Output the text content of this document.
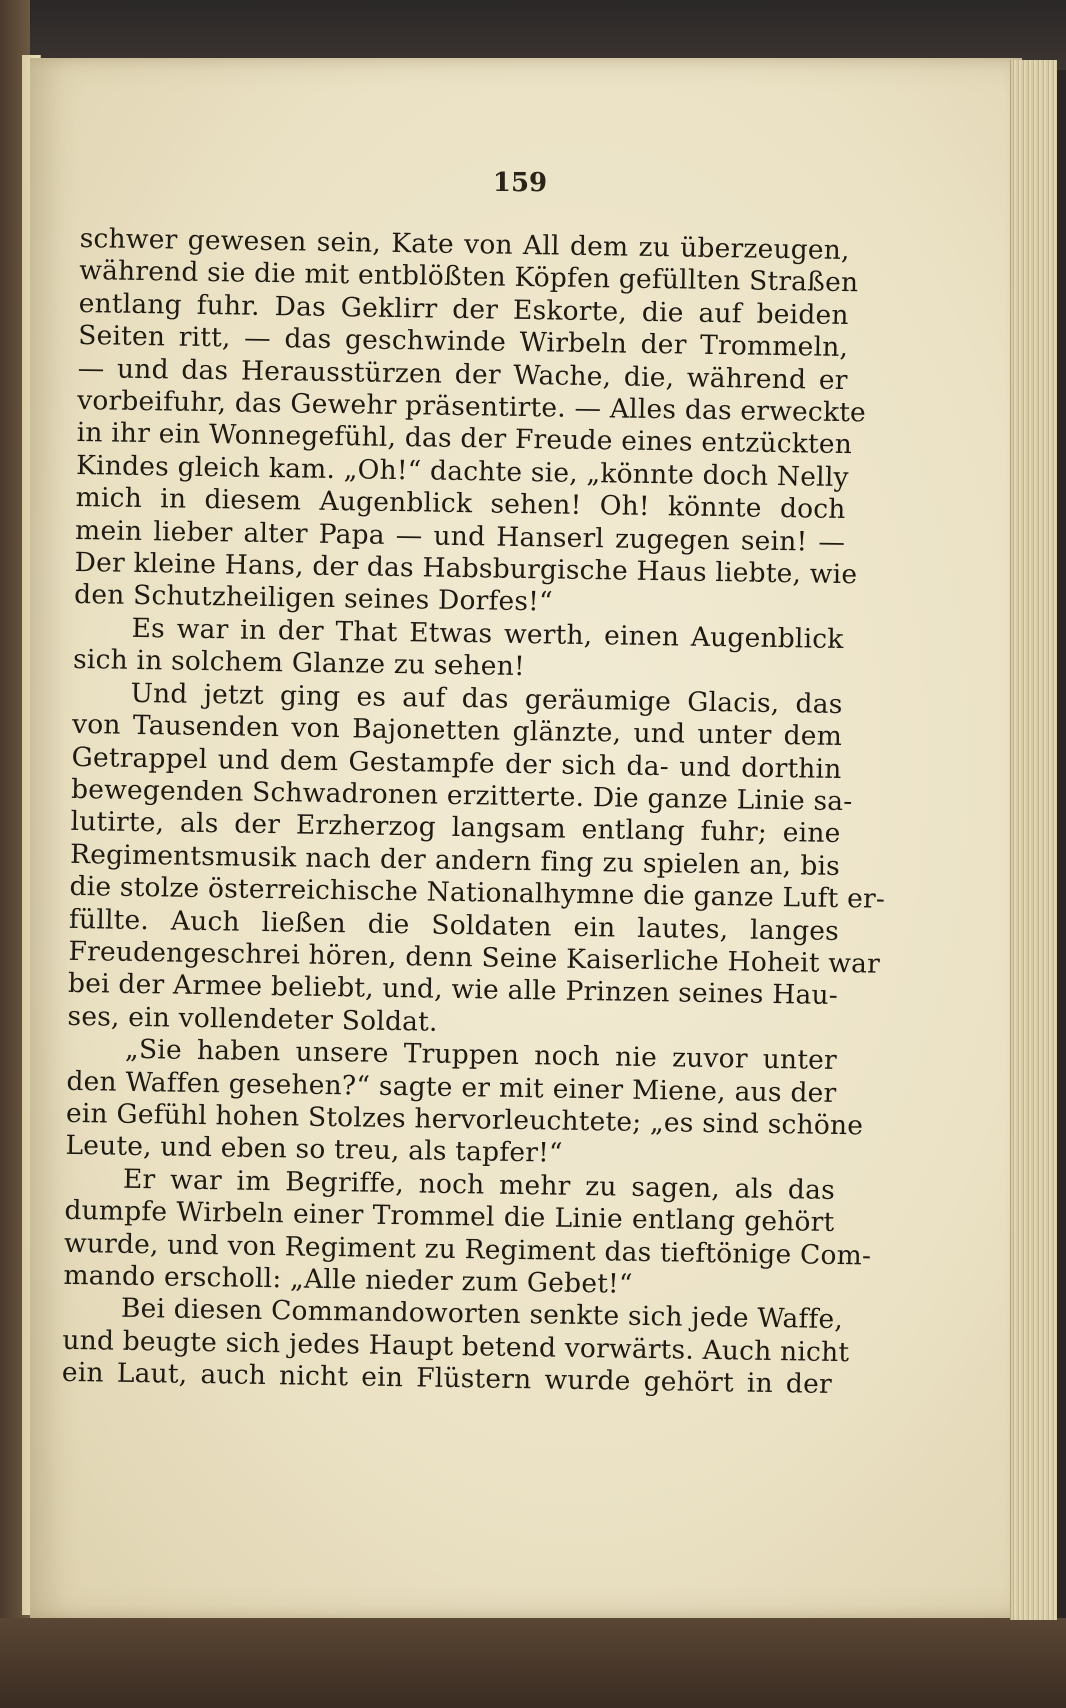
159
schwer gewesen sein, Kate von All dem zu überzeugen,
während sie die mit entblößten Köpfen gefüllten Straßen
entlang fuhr. Das Geklirr der Eskorte, die auf beiden
Seiten ritt, — das geschwinde Wirbeln der Trommeln,
— und das Herausstürzen der Wache, die, während er
vorbeifuhr, das Gewehr präsentirte. — Alles das erweckte
in ihr ein Wonnegefühl, das der Freude eines entzückten
Kindes gleich kam. „Oh!“ dachte sie, „könnte doch Nelly
mich in diesem Augenblick sehen! Oh! könnte doch
mein lieber alter Papa — und Hanserl zugegen sein! —
Der kleine Hans, der das Habsburgische Haus liebte, wie
den Schutzheiligen seines Dorfes!“
Es war in der That Etwas werth, einen Augenblick
sich in solchem Glanze zu sehen!
Und jetzt ging es auf das geräumige Glacis, das
von Tausenden von Bajonetten glänzte, und unter dem
Getrappel und dem Gestampfe der sich da- und dorthin
bewegenden Schwadronen erzitterte. Die ganze Linie sa-
lutirte, als der Erzherzog langsam entlang fuhr; eine
Regimentsmusik nach der andern fing zu spielen an, bis
die stolze österreichische Nationalhymne die ganze Luft er-
füllte. Auch ließen die Soldaten ein lautes, langes
Freudengeschrei hören, denn Seine Kaiserliche Hoheit war
bei der Armee beliebt, und, wie alle Prinzen seines Hau-
ses, ein vollendeter Soldat.
„Sie haben unsere Truppen noch nie zuvor unter
den Waffen gesehen?“ sagte er mit einer Miene, aus der
ein Gefühl hohen Stolzes hervorleuchtete; „es sind schöne
Leute, und eben so treu, als tapfer!“
Er war im Begriffe, noch mehr zu sagen, als das
dumpfe Wirbeln einer Trommel die Linie entlang gehört
wurde, und von Regiment zu Regiment das tieftönige Com-
mando erscholl: „Alle nieder zum Gebet!“
Bei diesen Commandoworten senkte sich jede Waffe,
und beugte sich jedes Haupt betend vorwärts. Auch nicht
ein Laut, auch nicht ein Flüstern wurde gehört in der
